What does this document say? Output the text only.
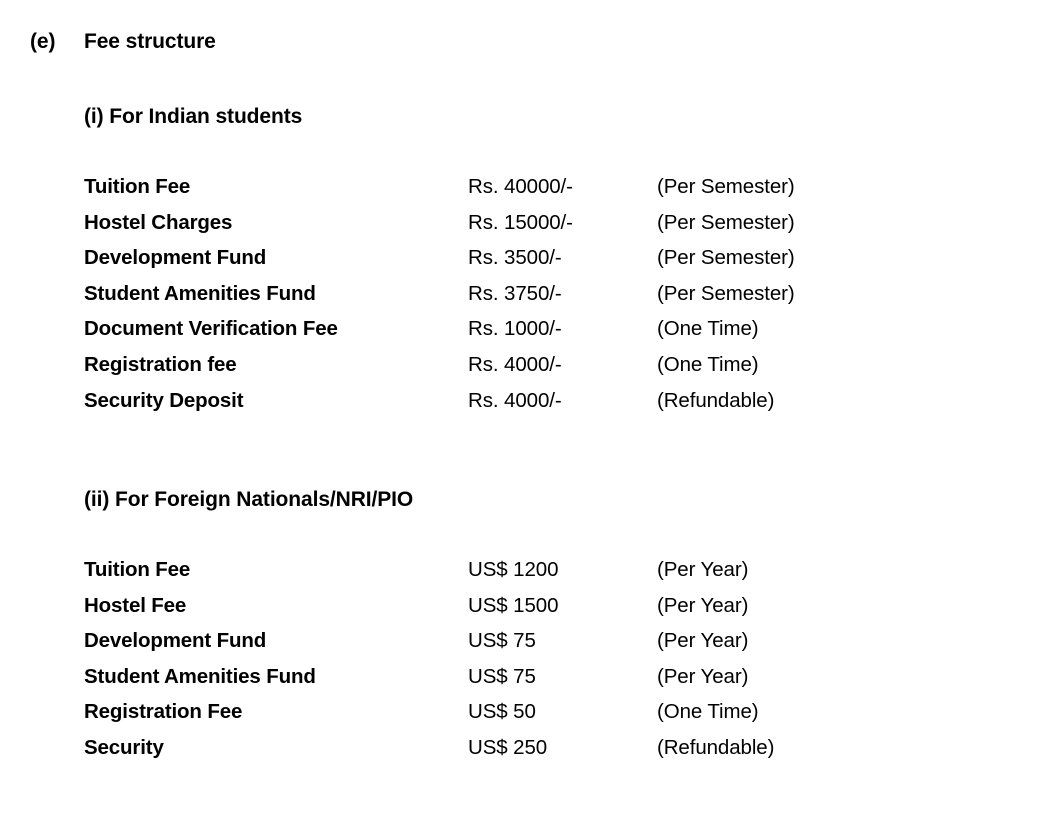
(e)	Fee structure
(i) For Indian students
Tuition Fee	Rs. 40000/-	(Per Semester)
Hostel Charges	Rs. 15000/-	(Per Semester)
Development Fund	Rs. 3500/-	(Per Semester)
Student Amenities Fund	Rs. 3750/-	(Per Semester)
Document Verification Fee	Rs. 1000/-	(One Time)
Registration fee	Rs. 4000/-	(One Time)
Security Deposit	Rs. 4000/-	(Refundable)
(ii) For Foreign Nationals/NRI/PIO
Tuition Fee	US$ 1200	(Per Year)
Hostel Fee	US$ 1500	(Per Year)
Development Fund	US$ 75	(Per Year)
Student Amenities Fund	US$ 75	(Per Year)
Registration Fee	US$ 50	(One Time)
Security	US$ 250	(Refundable)
